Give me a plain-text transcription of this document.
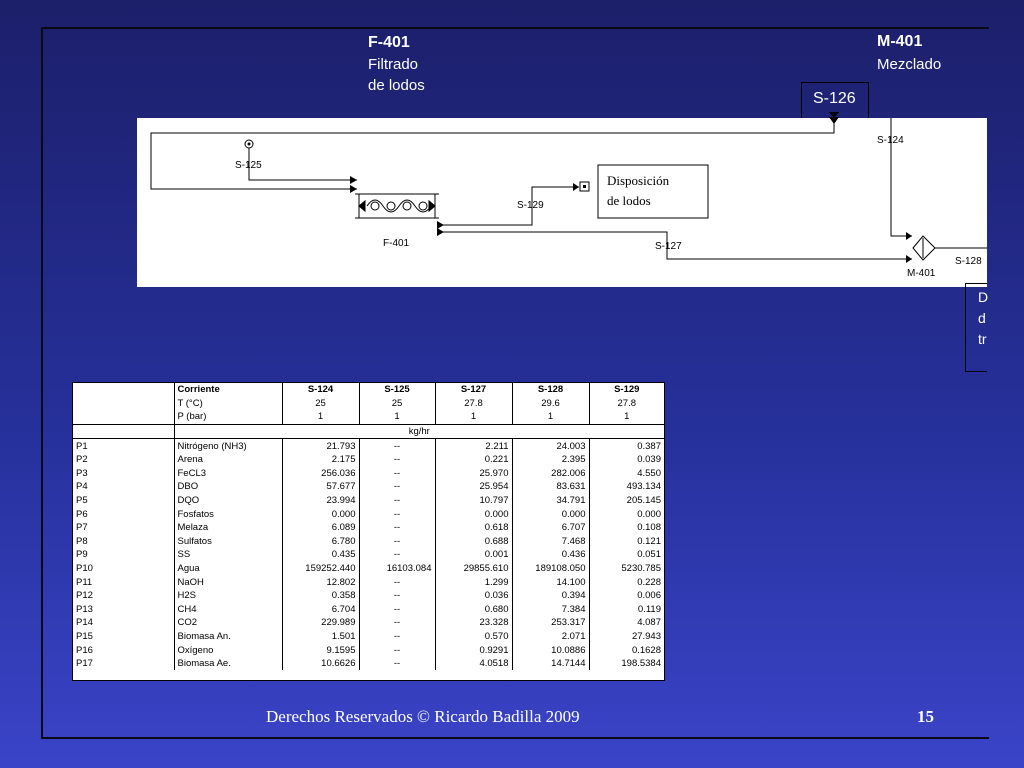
F-401
Filtrado
de lodos
M-401
Mezclado
S-126
S-125
S-124
S-129
S-127
S-128
F-401
M-401
Disposición
de lodos
D
d
tr
	Corriente	S-124	S-125	S-127	S-128	S-129
	T (°C)	25	25	27.8	29.6	27.8
	P (bar)	1	1	1	1	1
	kg/hr					
P1	Nitrógeno (NH3)	21.793	--	2.211	24.003	0.387
P2	Arena	2.175	--	0.221	2.395	0.039
P3	FeCL3	256.036	--	25.970	282.006	4.550
P4	DBO	57.677	--	25.954	83.631	493.134
P5	DQO	23.994	--	10.797	34.791	205.145
P6	Fosfatos	0.000	--	0.000	0.000	0.000
P7	Melaza	6.089	--	0.618	6.707	0.108
P8	Sulfatos	6.780	--	0.688	7.468	0.121
P9	SS	0.435	--	0.001	0.436	0.051
P10	Agua	159252.440	16103.084	29855.610	189108.050	5230.785
P11	NaOH	12.802	--	1.299	14.100	0.228
P12	H2S	0.358	--	0.036	0.394	0.006
P13	CH4	6.704	--	0.680	7.384	0.119
P14	CO2	229.989	--	23.328	253.317	4.087
P15	Biomasa An.	1.501	--	0.570	2.071	27.943
P16	Oxígeno	9.1595	--	0.9291	10.0886	0.1628
P17	Biomasa Ae.	10.6626	--	4.0518	14.7144	198.5384
Derechos Reservados © Ricardo Badilla 2009	15
